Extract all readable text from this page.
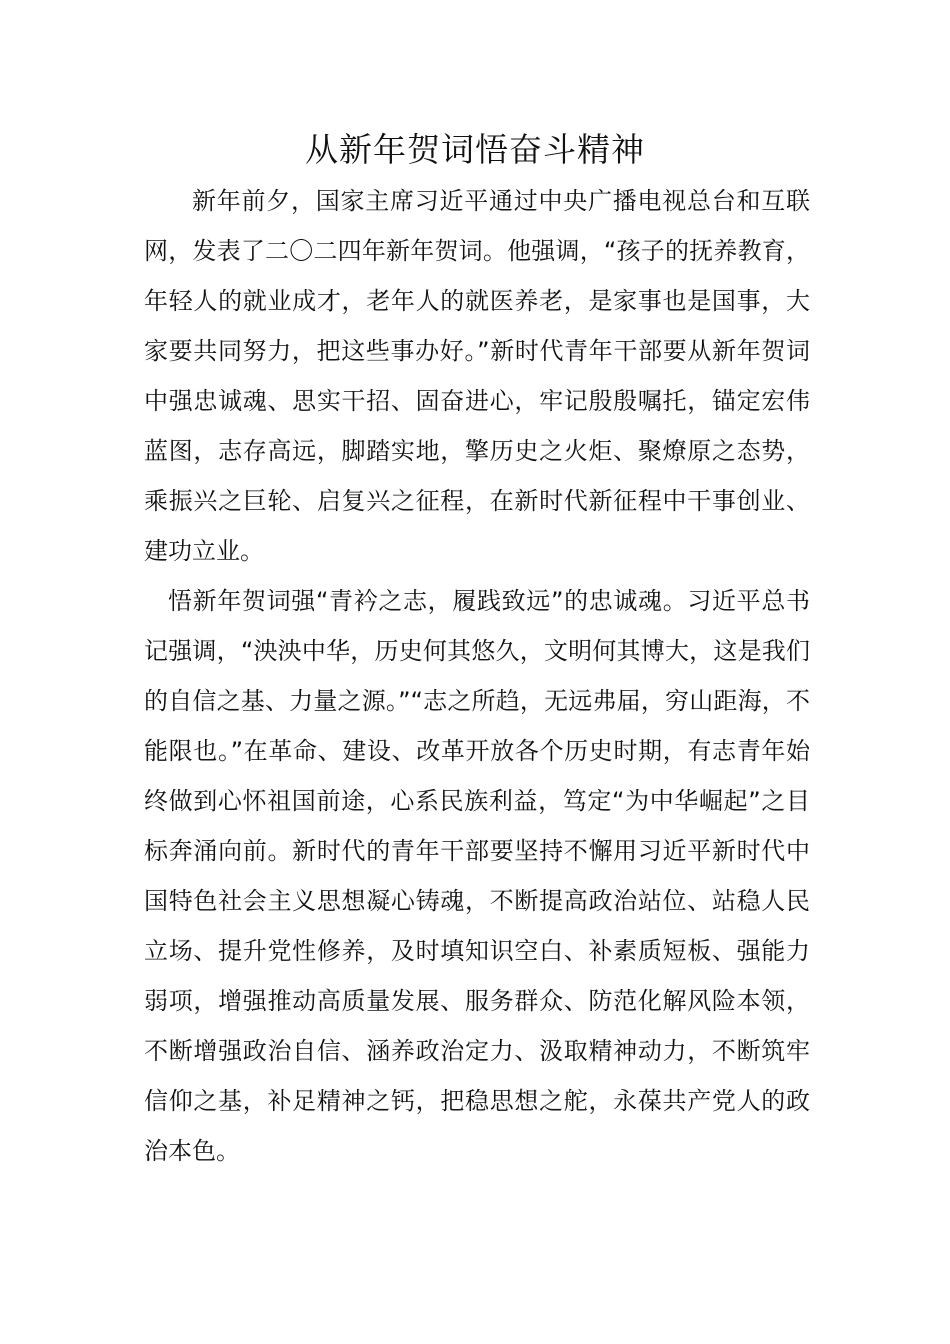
从新年贺词悟奋斗精神

新年前夕，国家主席习近平通过中央广播电视总台和互联网，发表了二〇二四年新年贺词。他强调，“孩子的抚养教育，年轻人的就业成才，老年人的就医养老，是家事也是国事，大家要共同努力，把这些事办好。”新时代青年干部要从新年贺词中强忠诚魂、思实干招、固奋进心，牢记殷殷嘱托，锚定宏伟蓝图，志存高远，脚踏实地，擎历史之火炬、聚燎原之态势，乘振兴之巨轮、启复兴之征程，在新时代新征程中干事创业、建功立业。

悟新年贺词强“青衿之志，履践致远”的忠诚魂。习近平总书记强调，“泱泱中华，历史何其悠久，文明何其博大，这是我们的自信之基、力量之源。”“志之所趋，无远弗届，穷山距海，不能限也。”在革命、建设、改革开放各个历史时期，有志青年始终做到心怀祖国前途，心系民族利益，笃定“为中华崛起”之目标奔涌向前。新时代的青年干部要坚持不懈用习近平新时代中国特色社会主义思想凝心铸魂，不断提高政治站位、站稳人民立场、提升党性修养，及时填知识空白、补素质短板、强能力弱项，增强推动高质量发展、服务群众、防范化解风险本领，不断增强政治自信、涵养政治定力、汲取精神动力，不断筑牢信仰之基，补足精神之钙，把稳思想之舵，永葆共产党人的政治本色。
